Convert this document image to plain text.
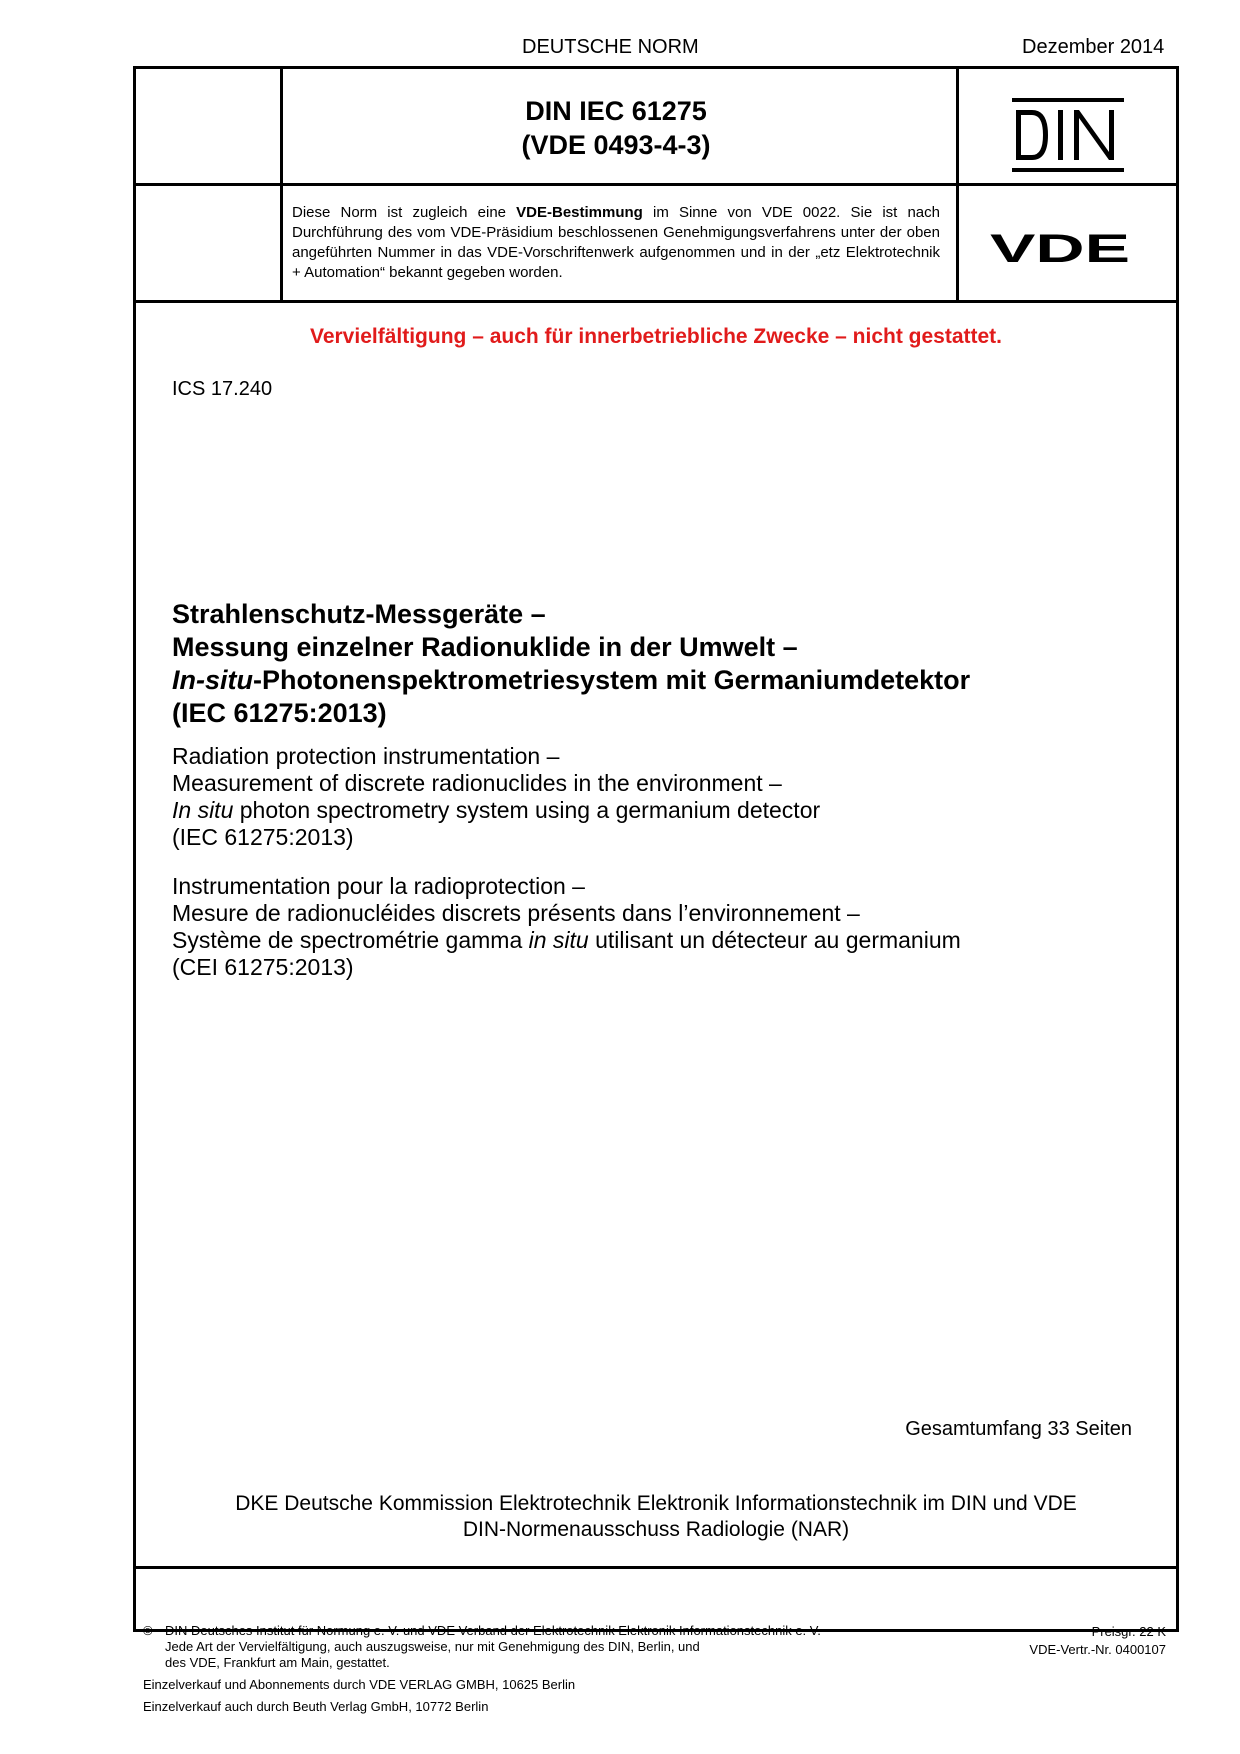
DEUTSCHE NORM	Dezember 2014
DIN IEC 61275
(VDE 0493-4-3)
Diese Norm ist zugleich eine VDE-Bestimmung im Sinne von VDE 0022. Sie ist nach Durchführung des vom VDE-Präsidium beschlossenen Genehmigungsverfahrens unter der oben angeführten Nummer in das VDE-Vorschriftenwerk aufgenommen und in der „etz Elektrotechnik + Automation“ bekannt gegeben worden.
VDE
Vervielfältigung – auch für innerbetriebliche Zwecke – nicht gestattet.
ICS 17.240
Strahlenschutz-Messgeräte –
Messung einzelner Radionuklide in der Umwelt –
In-situ-Photonenspektrometriesystem mit Germaniumdetektor
(IEC 61275:2013)
Radiation protection instrumentation –
Measurement of discrete radionuclides in the environment –
In situ photon spectrometry system using a germanium detector
(IEC 61275:2013)
Instrumentation pour la radioprotection –
Mesure de radionucléides discrets présents dans l’environnement –
Système de spectrométrie gamma in situ utilisant un détecteur au germanium
(CEI 61275:2013)
Gesamtumfang 33 Seiten
DKE Deutsche Kommission Elektrotechnik Elektronik Informationstechnik im DIN und VDE
DIN-Normenausschuss Radiologie (NAR)
© DIN Deutsches Institut für Normung e. V. und VDE Verband der Elektrotechnik Elektronik Informationstechnik e. V.
Jede Art der Vervielfältigung, auch auszugsweise, nur mit Genehmigung des DIN, Berlin, und
des VDE, Frankfurt am Main, gestattet.
Preisgr. 22 K
VDE-Vertr.-Nr. 0400107
Einzelverkauf und Abonnements durch VDE VERLAG GMBH, 10625 Berlin
Einzelverkauf auch durch Beuth Verlag GmbH, 10772 Berlin
